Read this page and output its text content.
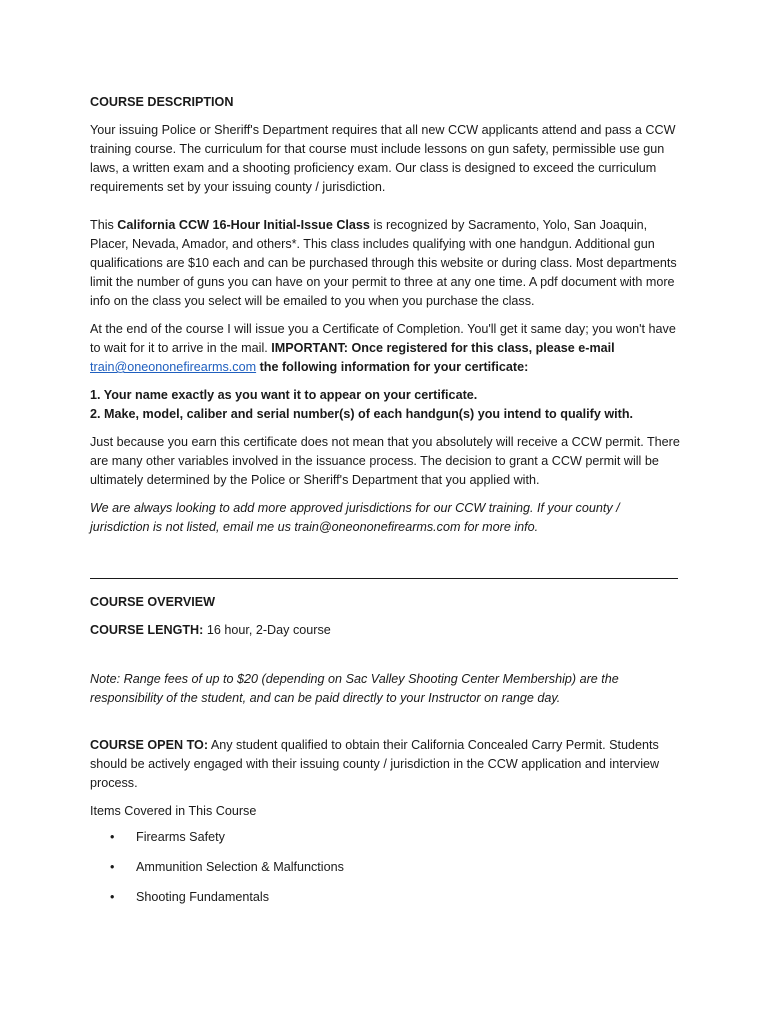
COURSE DESCRIPTION

Your issuing Police or Sheriff's Department requires that all new CCW applicants attend and pass a CCW training course. The curriculum for that course must include lessons on gun safety, permissible use gun laws, a written exam and a shooting proficiency exam. Our class is designed to exceed the curriculum requirements set by your issuing county / jurisdiction.

This California CCW 16-Hour Initial-Issue Class is recognized by Sacramento, Yolo, San Joaquin, Placer, Nevada, Amador, and others*. This class includes qualifying with one handgun. Additional gun qualifications are $10 each and can be purchased through this website or during class. Most departments limit the number of guns you can have on your permit to three at any one time. A pdf document with more info on the class you select will be emailed to you when you purchase the class.

At the end of the course I will issue you a Certificate of Completion. You'll get it same day; you won't have to wait for it to arrive in the mail. IMPORTANT: Once registered for this class, please e-mail train@oneononefirearms.com the following information for your certificate:

1. Your name exactly as you want it to appear on your certificate.

2. Make, model, caliber and serial number(s) of each handgun(s) you intend to qualify with.

Just because you earn this certificate does not mean that you absolutely will receive a CCW permit. There are many other variables involved in the issuance process. The decision to grant a CCW permit will be ultimately determined by the Police or Sheriff's Department that you applied with.

We are always looking to add more approved jurisdictions for our CCW training. If your county / jurisdiction is not listed, email me us train@oneononefirearms.com for more info.

COURSE OVERVIEW

COURSE LENGTH: 16 hour, 2-Day course

Note: Range fees of up to $20 (depending on Sac Valley Shooting Center Membership) are the responsibility of the student, and can be paid directly to your Instructor on range day.

COURSE OPEN TO: Any student qualified to obtain their California Concealed Carry Permit. Students should be actively engaged with their issuing county / jurisdiction in the CCW application and interview process.

Items Covered in This Course

• Firearms Safety
• Ammunition Selection & Malfunctions
• Shooting Fundamentals
